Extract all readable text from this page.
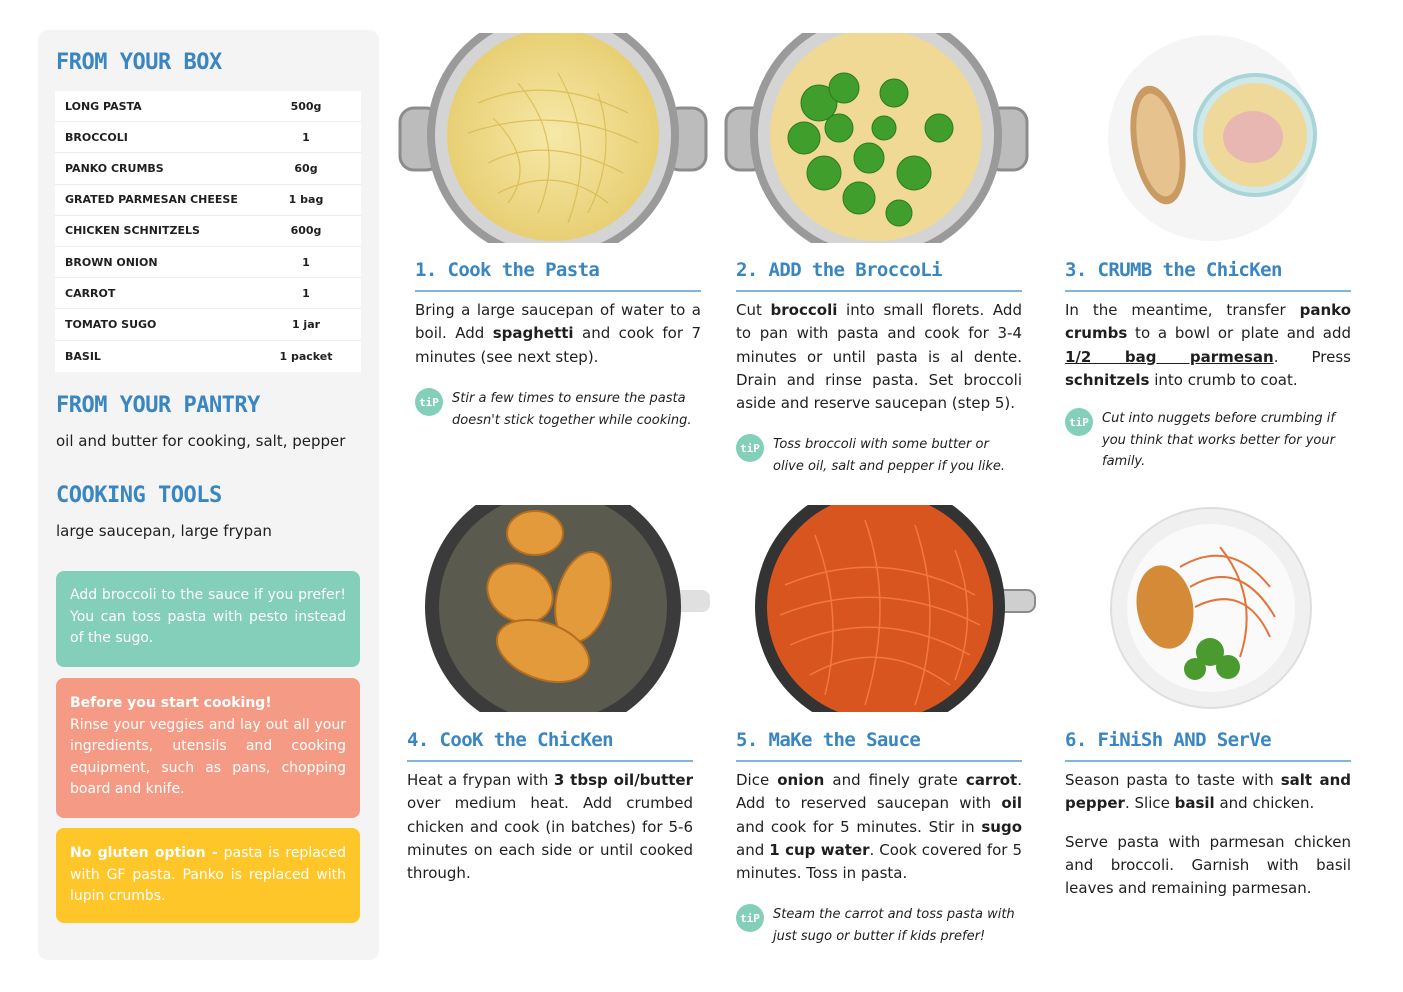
FROM YOUR BOX
LONG PASTA	500g
BROCCOLI	1
PANKO CRUMBS	60g
GRATED PARMESAN CHEESE	1 bag
CHICKEN SCHNITZELS	600g
BROWN ONION	1
CARROT	1
TOMATO SUGO	1 jar
BASIL	1 packet
FROM YOUR PANTRY
oil and butter for cooking, salt, pepper
COOKING TOOLS
large saucepan, large frypan
Add broccoli to the sauce if you prefer! You can toss pasta with pesto instead of the sugo.
Before you start cooking!
Rinse your veggies and lay out all your ingredients, utensils and cooking equipment, such as pans, chopping board and knife.
No gluten option - pasta is replaced with GF pasta. Panko is replaced with lupin crumbs.
1. Cook the Pasta
Bring a large saucepan of water to a boil. Add spaghetti and cook for 7 minutes (see next step).
tiP	Stir a few times to ensure the pasta doesn't stick together while cooking.
2. ADD the BroccoLi
Cut broccoli into small florets. Add to pan with pasta and cook for 3-4 minutes or until pasta is al dente. Drain and rinse pasta. Set broccoli aside and reserve saucepan (step 5).
tiP	Toss broccoli with some butter or olive oil, salt and pepper if you like.
3. CRUMB the ChicKen
In the meantime, transfer panko crumbs to a bowl or plate and add 1/2 bag parmesan. Press schnitzels into crumb to coat.
tiP	Cut into nuggets before crumbing if you think that works better for your family.
4. CooK the ChicKen
Heat a frypan with 3 tbsp oil/butter over medium heat. Add crumbed chicken and cook (in batches) for 5-6 minutes on each side or until cooked through.
5. MaKe the Sauce
Dice onion and finely grate carrot. Add to reserved saucepan with oil and cook for 5 minutes. Stir in sugo and 1 cup water. Cook covered for 5 minutes. Toss in pasta.
tiP	Steam the carrot and toss pasta with just sugo or butter if kids prefer!
6. FiNiSh AND SerVe

Season pasta to taste with salt and pepper. Slice basil and chicken.

Serve pasta with parmesan chicken and broccoli. Garnish with basil leaves and remaining parmesan.
